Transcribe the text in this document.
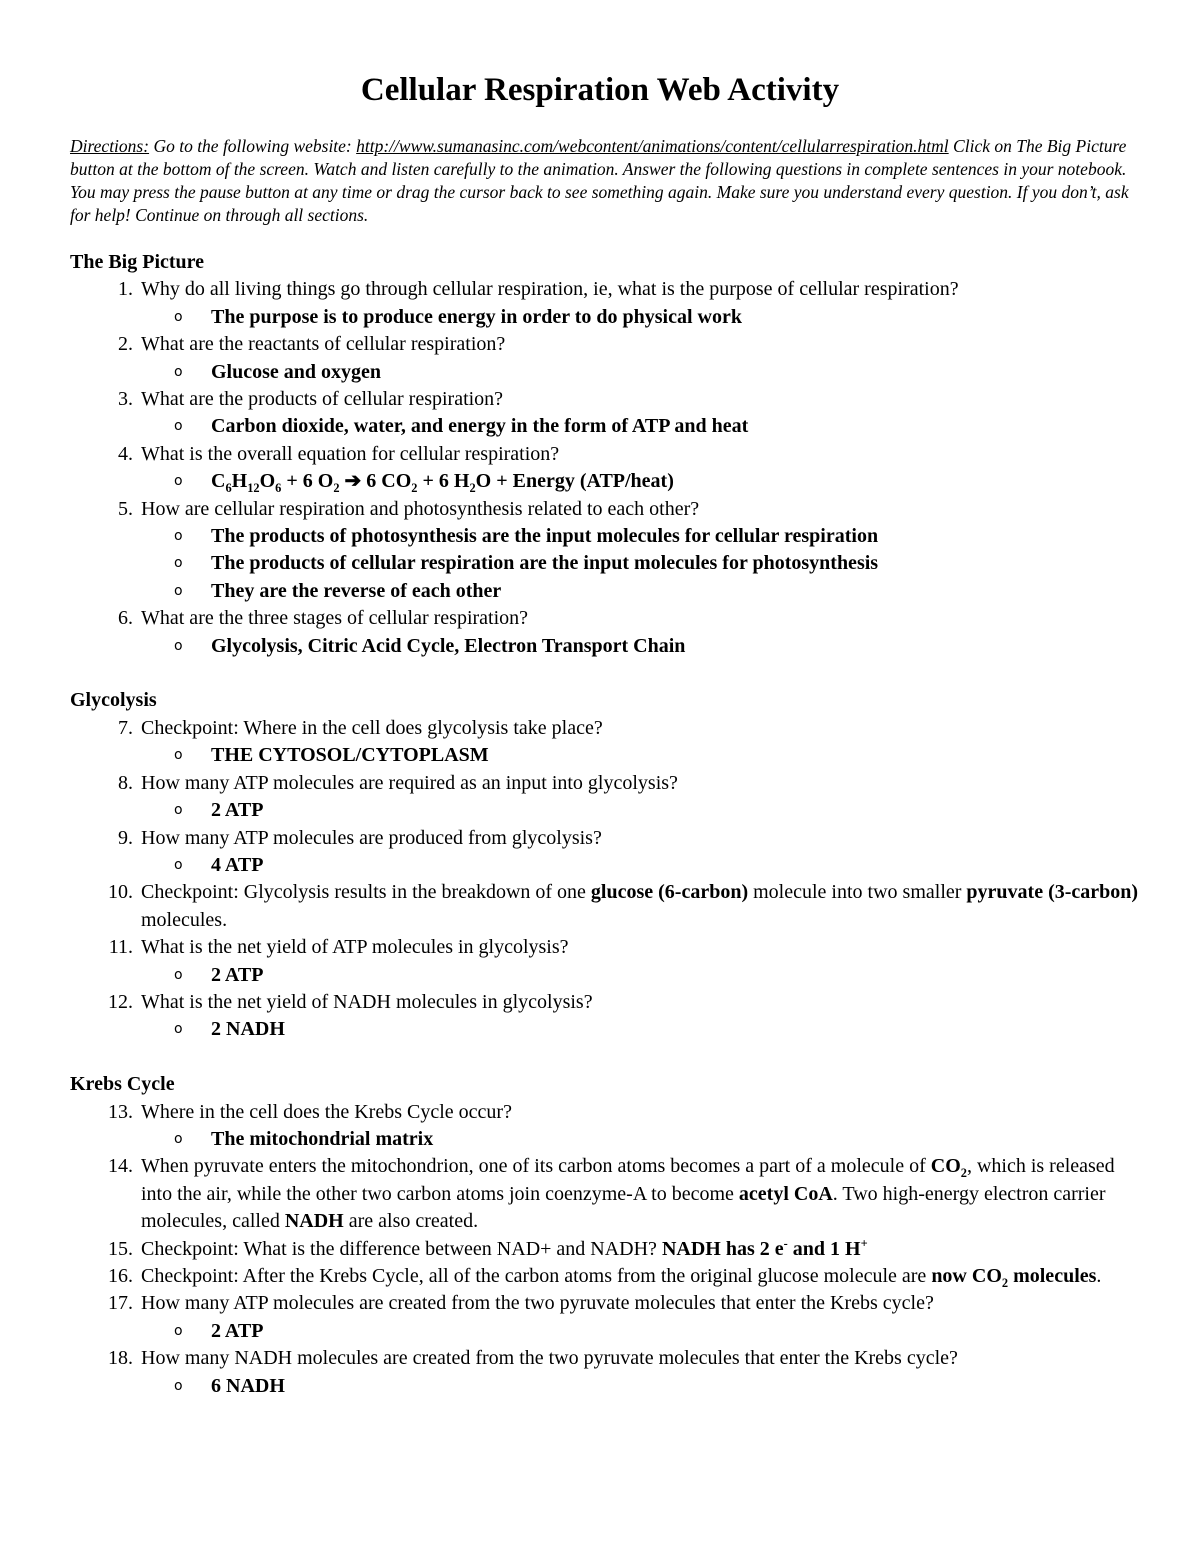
Cellular Respiration Web Activity
Directions: Go to the following website: http://www.sumanasinc.com/webcontent/animations/content/cellularrespiration.html Click on The Big Picture button at the bottom of the screen. Watch and listen carefully to the animation. Answer the following questions in complete sentences in your notebook. You may press the pause button at any time or drag the cursor back to see something again. Make sure you understand every question. If you don’t, ask for help! Continue on through all sections.
The Big Picture
1. Why do all living things go through cellular respiration, ie, what is the purpose of cellular respiration?
o The purpose is to produce energy in order to do physical work
2. What are the reactants of cellular respiration?
o Glucose and oxygen
3. What are the products of cellular respiration?
o Carbon dioxide, water, and energy in the form of ATP and heat
4. What is the overall equation for cellular respiration?
o $C_6H_{12}O_6 + 6$ $O_2$ ➔ 6 $CO_2 + 6$ $H_2O$ + Energy (ATP/heat)
5. How are cellular respiration and photosynthesis related to each other?
o The products of photosynthesis are the input molecules for cellular respiration
o The products of cellular respiration are the input molecules for photosynthesis
o They are the reverse of each other
6. What are the three stages of cellular respiration?
o Glycolysis, Citric Acid Cycle, Electron Transport Chain
Glycolysis
7. Checkpoint: Where in the cell does glycolysis take place?
o THE CYTOSOL/CYTOPLASM
8. How many ATP molecules are required as an input into glycolysis?
o 2 ATP
9. How many ATP molecules are produced from glycolysis?
o 4 ATP
10. Checkpoint: Glycolysis results in the breakdown of one glucose (6-carbon) molecule into two smaller pyruvate (3-carbon) molecules.
11. What is the net yield of ATP molecules in glycolysis?
o 2 ATP
12. What is the net yield of NADH molecules in glycolysis?
o 2 NADH
Krebs Cycle
13. Where in the cell does the Krebs Cycle occur?
o The mitochondrial matrix
14. When pyruvate enters the mitochondrion, one of its carbon atoms becomes a part of a molecule of $CO_2$, which is released into the air, while the other two carbon atoms join coenzyme-A to become acetyl CoA. Two high-energy electron carrier molecules, called NADH are also created.
15. Checkpoint: What is the difference between NAD+ and NADH? NADH has 2 e- and 1 H+
16. Checkpoint: After the Krebs Cycle, all of the carbon atoms from the original glucose molecule are now $CO_2$ molecules.
17. How many ATP molecules are created from the two pyruvate molecules that enter the Krebs cycle?
o 2 ATP
18. How many NADH molecules are created from the two pyruvate molecules that enter the Krebs cycle?
o 6 NADH
